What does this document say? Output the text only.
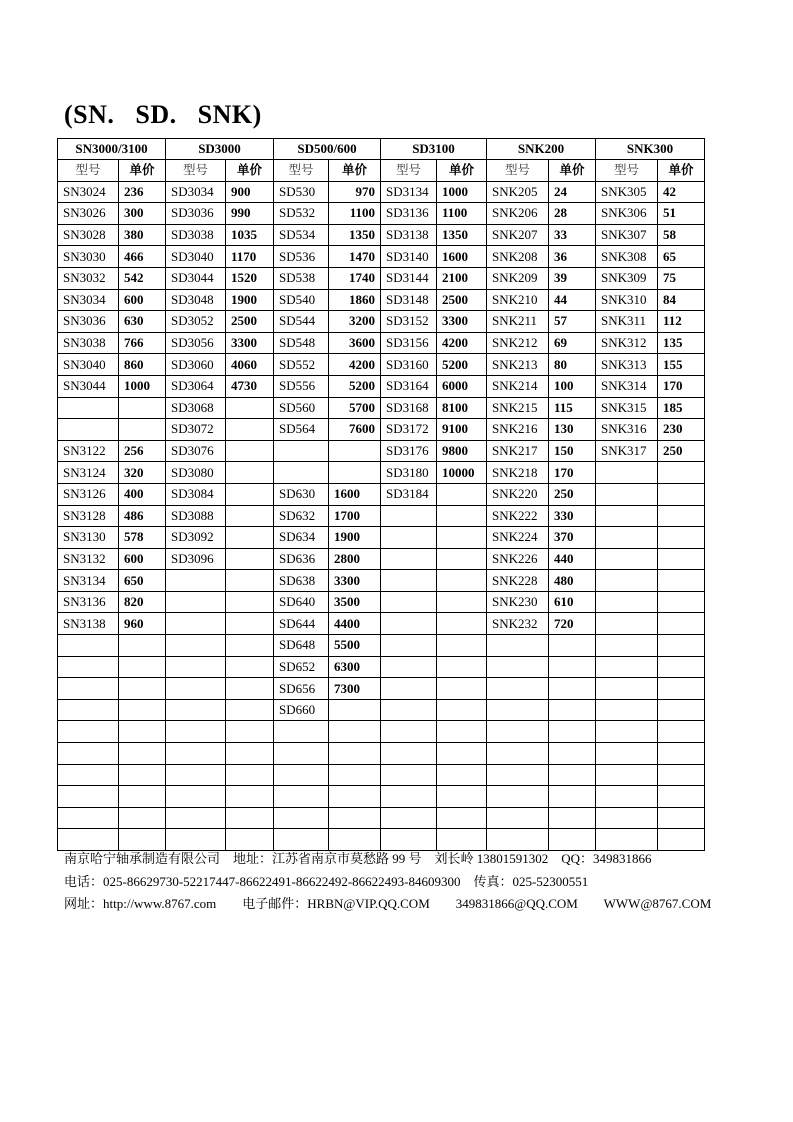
(SN.   SD.   SNK)
SN3000/3100		SD3000		SD500/600		SD3100		SNK200		SNK300	
型号	单价	型号	单价	型号	单价	型号	单价	型号	单价	型号	单价
SN3024	236	SD3034	900	SD530	970	SD3134	1000	SNK205	24	SNK305	42
SN3026	300	SD3036	990	SD532	1100	SD3136	1100	SNK206	28	SNK306	51
SN3028	380	SD3038	1035	SD534	1350	SD3138	1350	SNK207	33	SNK307	58
SN3030	466	SD3040	1170	SD536	1470	SD3140	1600	SNK208	36	SNK308	65
SN3032	542	SD3044	1520	SD538	1740	SD3144	2100	SNK209	39	SNK309	75
SN3034	600	SD3048	1900	SD540	1860	SD3148	2500	SNK210	44	SNK310	84
SN3036	630	SD3052	2500	SD544	3200	SD3152	3300	SNK211	57	SNK311	112
SN3038	766	SD3056	3300	SD548	3600	SD3156	4200	SNK212	69	SNK312	135
SN3040	860	SD3060	4060	SD552	4200	SD3160	5200	SNK213	80	SNK313	155
SN3044	1000	SD3064	4730	SD556	5200	SD3164	6000	SNK214	100	SNK314	170
		SD3068		SD560	5700	SD3168	8100	SNK215	115	SNK315	185
		SD3072		SD564	7600	SD3172	9100	SNK216	130	SNK316	230
SN3122	256	SD3076				SD3176	9800	SNK217	150	SNK317	250
SN3124	320	SD3080				SD3180	10000	SNK218	170		
SN3126	400	SD3084		SD630	1600	SD3184		SNK220	250		
SN3128	486	SD3088		SD632	1700			SNK222	330		
SN3130	578	SD3092		SD634	1900			SNK224	370		
SN3132	600	SD3096		SD636	2800			SNK226	440		
SN3134	650			SD638	3300			SNK228	480		
SN3136	820			SD640	3500			SNK230	610		
SN3138	960			SD644	4400			SNK232	720		
				SD648	5500						
				SD652	6300						
				SD656	7300						
				SD660							

南京哈宁轴承制造有限公司    地址：江苏省南京市莫愁路 99 号    刘长岭 13801591302    QQ：349831866
电话：025-86629730-52217447-86622491-86622492-86622493-84609300    传真：025-52300551
网址：http://www.8767.com        电子邮件：HRBN@VIP.QQ.COM        349831866@QQ.COM        WWW@8767.COM
